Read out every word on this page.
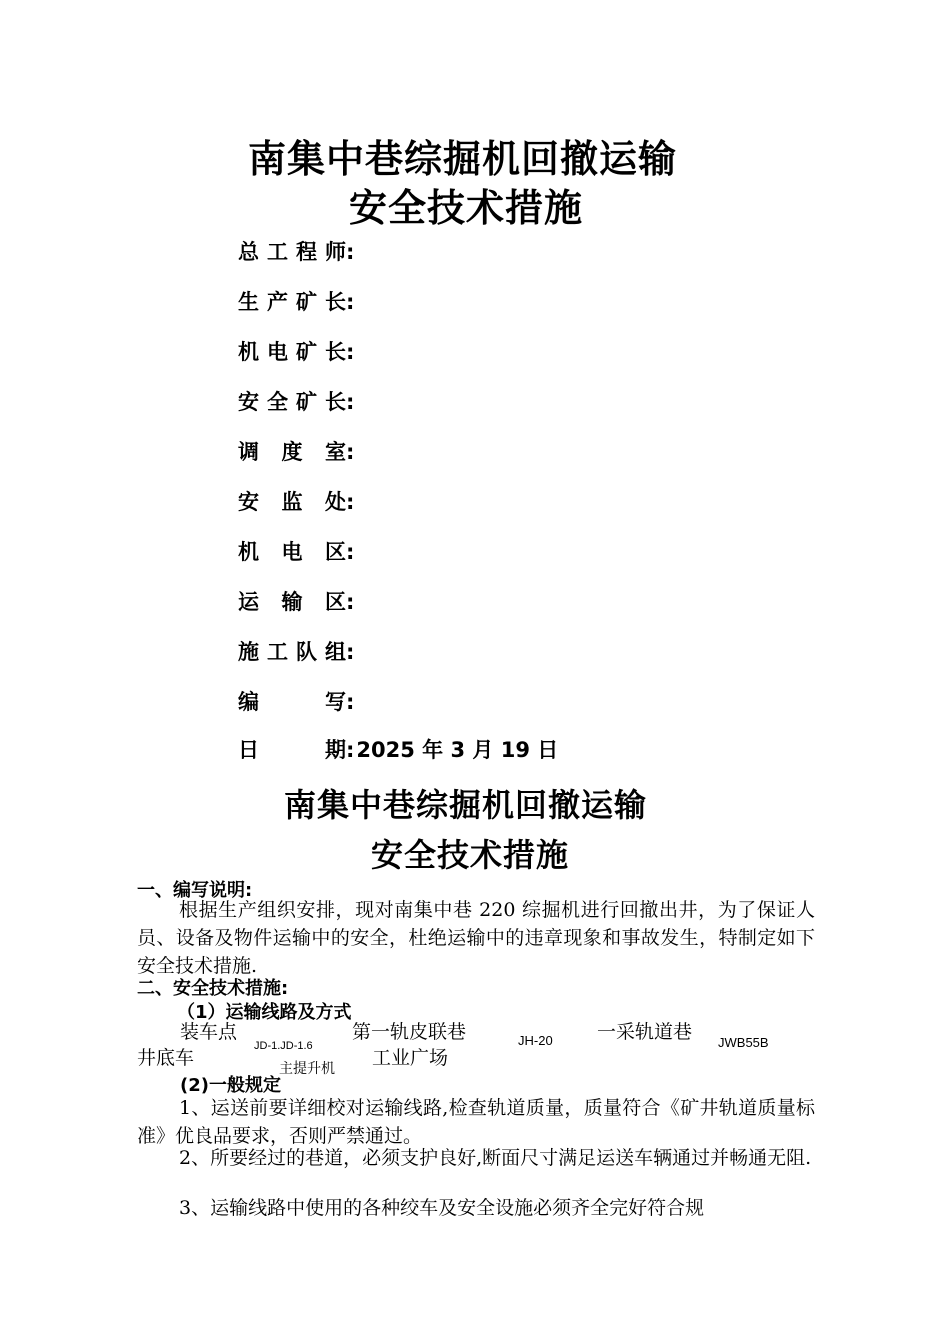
南集中巷综掘机回撤运输
安全技术措施
总工程师:
生产矿长:
机电矿长:
安全矿长:
调度室:
安监处:
机电区:
运输区:
施工队组:
编写:
日期:2025 年 3 月 19 日
南集中巷综掘机回撤运输
安全技术措施
一、编写说明:
根据生产组织安排，现对南集中巷 220 综掘机进行回撤出井，为了保证人员、设备及物件运输中的安全，杜绝运输中的违章现象和事故发生，特制定如下安全技术措施.
二、安全技术措施:
（1）运输线路及方式
装车点
JD-1.JD-1.6
第一轨皮联巷	JH-20 一采轨道巷 JWB55B
井底车	主提升机 工业广场
(2)一般规定
1、运送前要详细校对运输线路,检查轨道质量，质量符合《矿井轨道质量标准》优良品要求，否则严禁通过。
2、所要经过的巷道，必须支护良好,断面尺寸满足运送车辆通过并畅通无阻.
3、运输线路中使用的各种绞车及安全设施必须齐全完好符合规
